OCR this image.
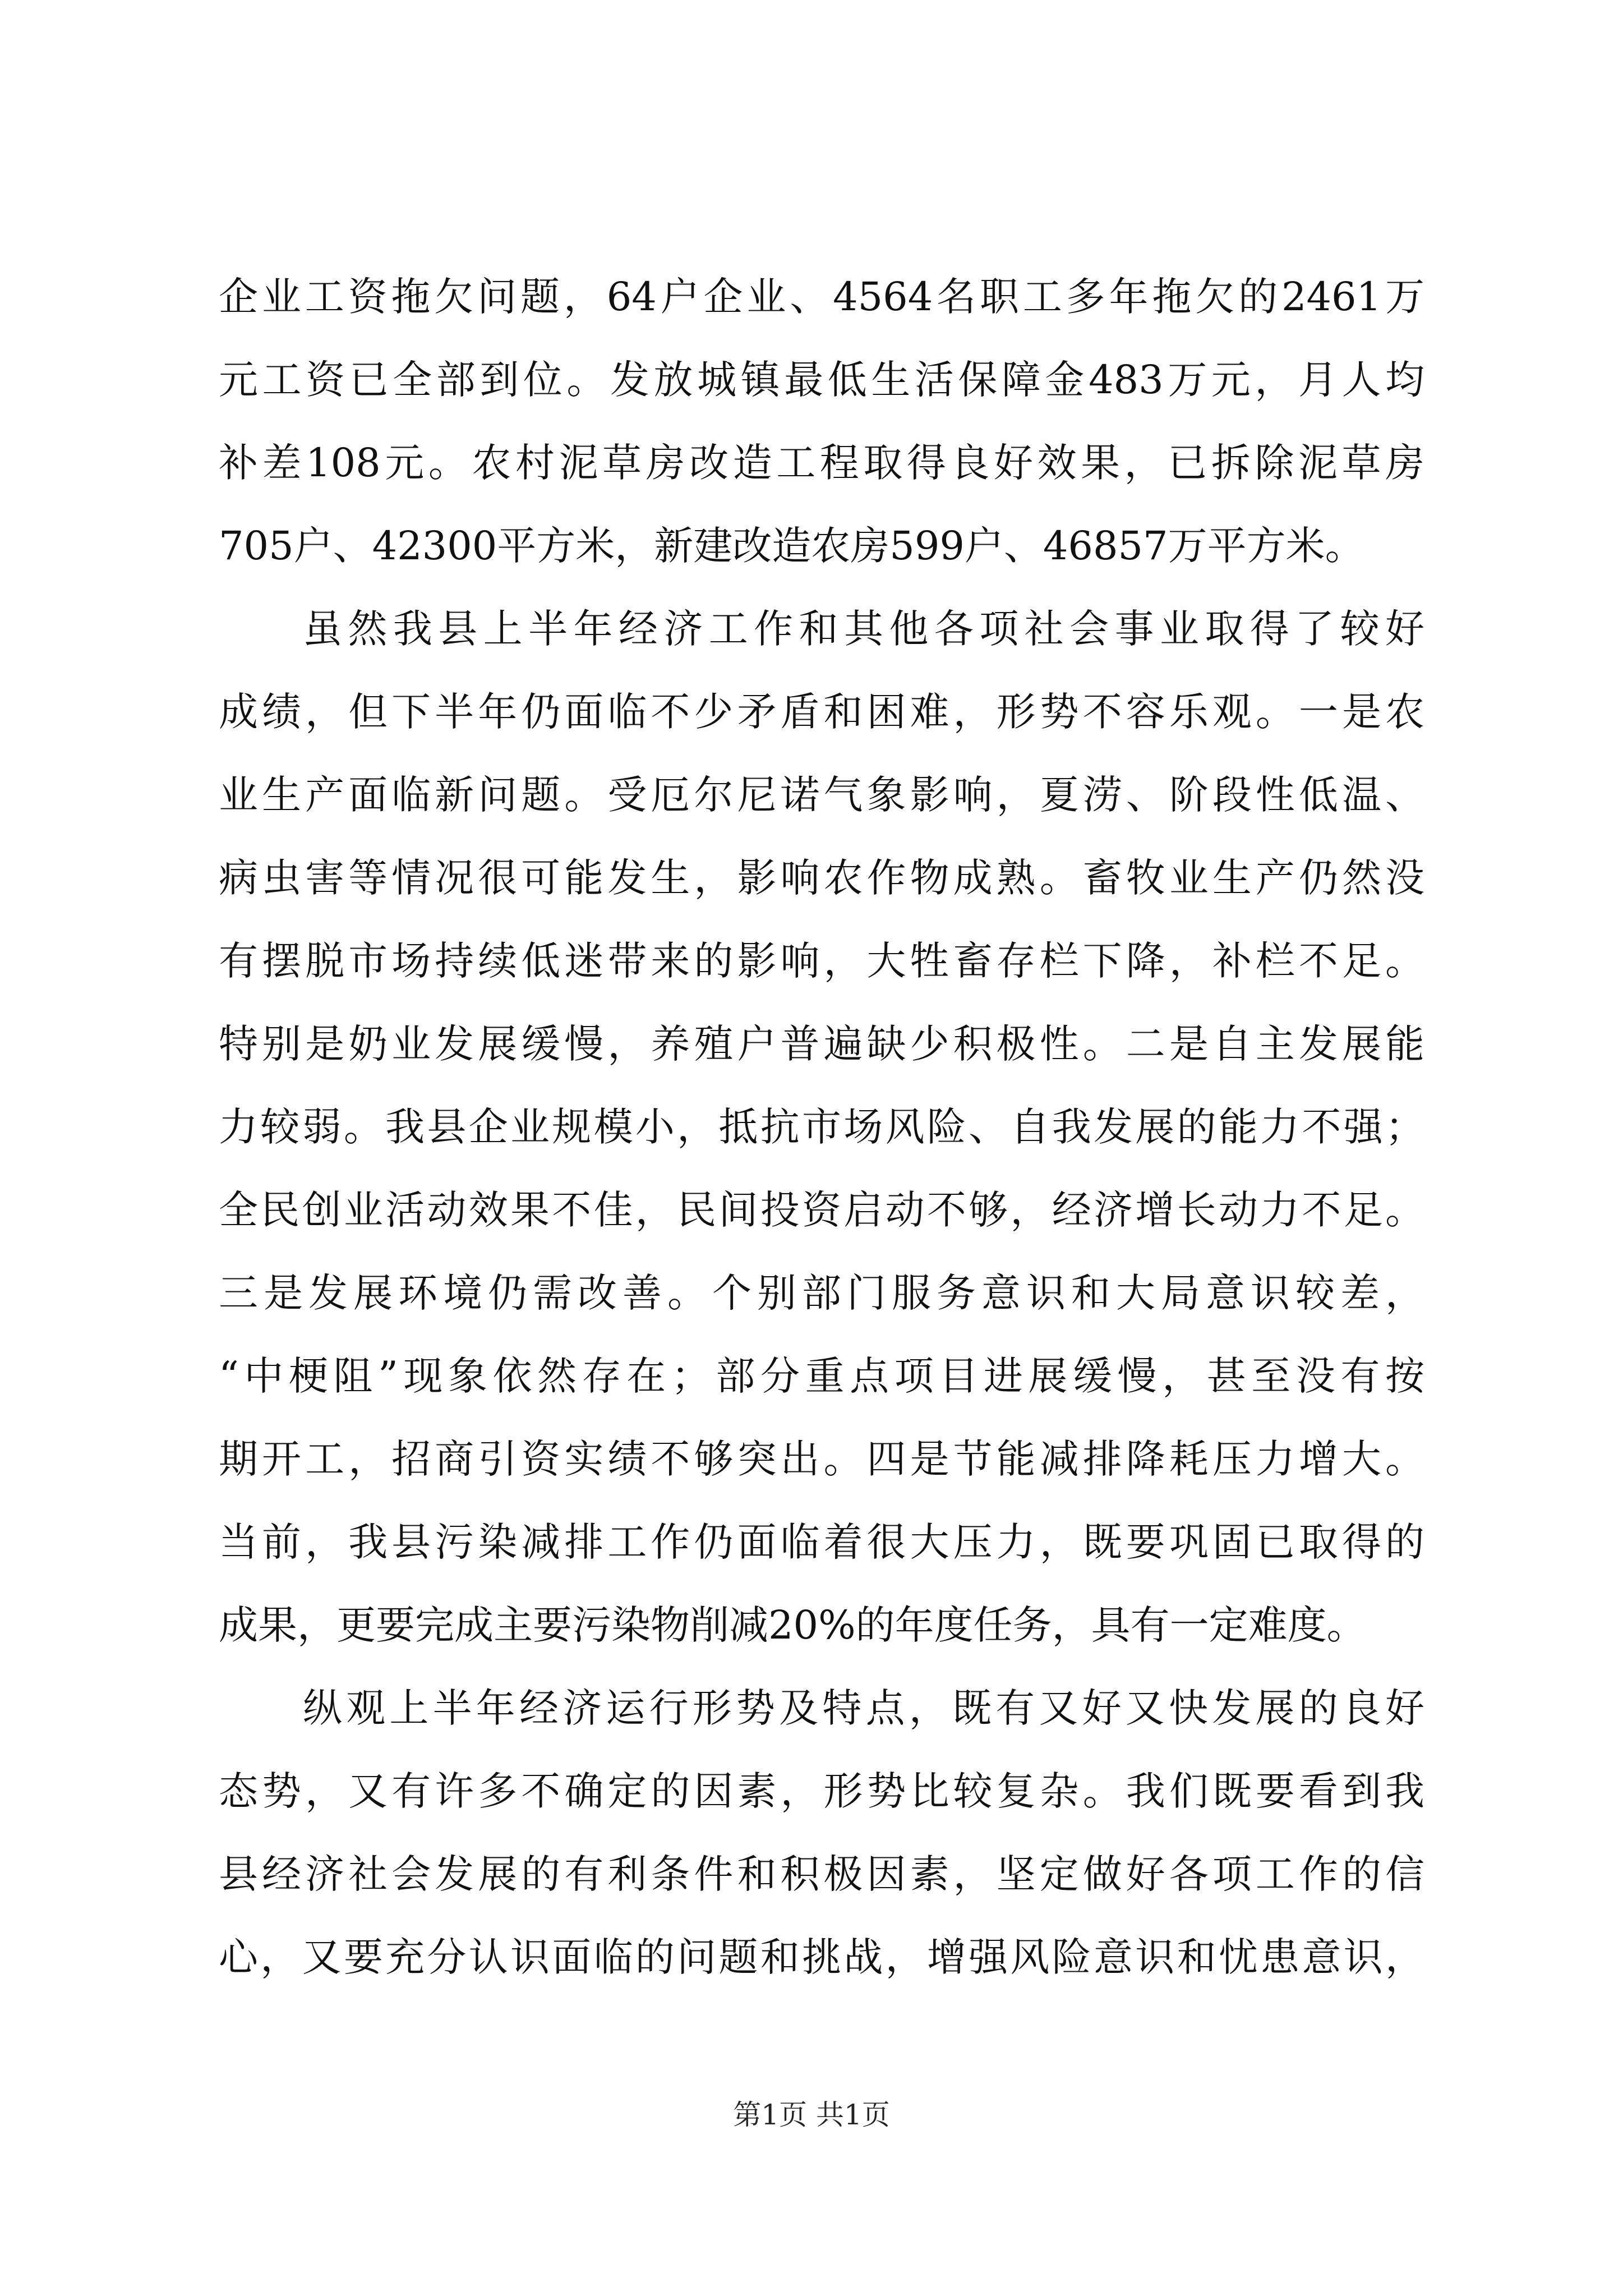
企业工资拖欠问题，64户企业、4564名职工多年拖欠的2461万
元工资已全部到位。发放城镇最低生活保障金483万元，月人均
补差108元。农村泥草房改造工程取得良好效果，已拆除泥草房
705户、42300平方米，新建改造农房599户、46857万平方米。
虽然我县上半年经济工作和其他各项社会事业取得了较好
成绩，但下半年仍面临不少矛盾和困难，形势不容乐观。一是农
业生产面临新问题。受厄尔尼诺气象影响，夏涝、阶段性低温、
病虫害等情况很可能发生，影响农作物成熟。畜牧业生产仍然没
有摆脱市场持续低迷带来的影响，大牲畜存栏下降，补栏不足。
特别是奶业发展缓慢，养殖户普遍缺少积极性。二是自主发展能
力较弱。我县企业规模小，抵抗市场风险、自我发展的能力不强；
全民创业活动效果不佳，民间投资启动不够，经济增长动力不足。
三是发展环境仍需改善。个别部门服务意识和大局意识较差，
“中梗阻”现象依然存在；部分重点项目进展缓慢，甚至没有按
期开工，招商引资实绩不够突出。四是节能减排降耗压力增大。
当前，我县污染减排工作仍面临着很大压力，既要巩固已取得的
成果，更要完成主要污染物削减20%的年度任务，具有一定难度。
纵观上半年经济运行形势及特点，既有又好又快发展的良好
态势，又有许多不确定的因素，形势比较复杂。我们既要看到我
县经济社会发展的有利条件和积极因素，坚定做好各项工作的信
心，又要充分认识面临的问题和挑战，增强风险意识和忧患意识，
第1页 共1页
